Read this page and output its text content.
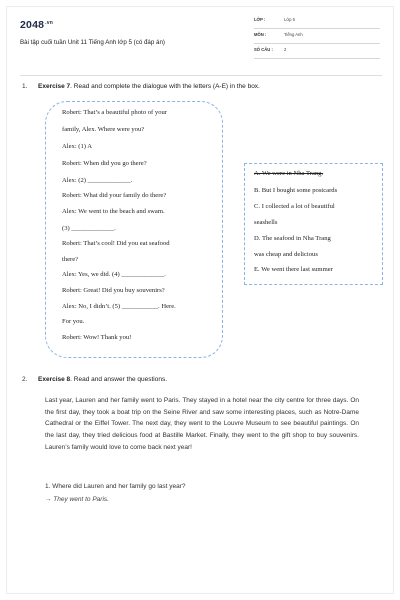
$2048^{.vn}$
Bài tập cuối tuần Unit 11 Tiếng Anh lớp 5 (có đáp án)
LỚP :	Lớp 5
MÔN :	Tiếng Anh
SỐ CÂU :	2
1. Exercise 7. Read and complete the dialogue with the letters (A-E) in the box.
Robert: That’s a beautiful photo of your
family, Alex. Where were you?
Alex: (1) A
Robert: When did you go there?
Alex: (2) _____________.
Robert: What did your family do there?
Alex: We went to the beach and swam.
(3) _____________.
Robert: That’s cool! Did you eat seafood
there?
Alex: Yes, we did. (4) _____________.
Robert: Great! Did you buy souvenirs?
Alex: No, I didn’t. (5) ___________. Here.
For you.
Robert: Wow! Thank you!
A. We were in Nha Trang.
B. But I bought some postcards
C. I collected a lot of beautiful
seashells
D. The seafood in Nha Trang
was cheap and delicious
E. We went there last summer
2. Exercise 8. Read and answer the questions.
Last year, Lauren and her family went to Paris. They stayed in a hotel near the city centre for three days. On the first day, they took a boat trip on the Seine River and saw some interesting places, such as Notre-Dame Cathedral or the Eiffel Tower. The next day, they went to the Louvre Museum to see beautiful paintings. On the last day, they tried delicious food at Bastille Market. Finally, they went to the gift shop to buy souvenirs. Lauren’s family would love to come back next year!
1. Where did Lauren and her family go last year?
→ They went to Paris.
